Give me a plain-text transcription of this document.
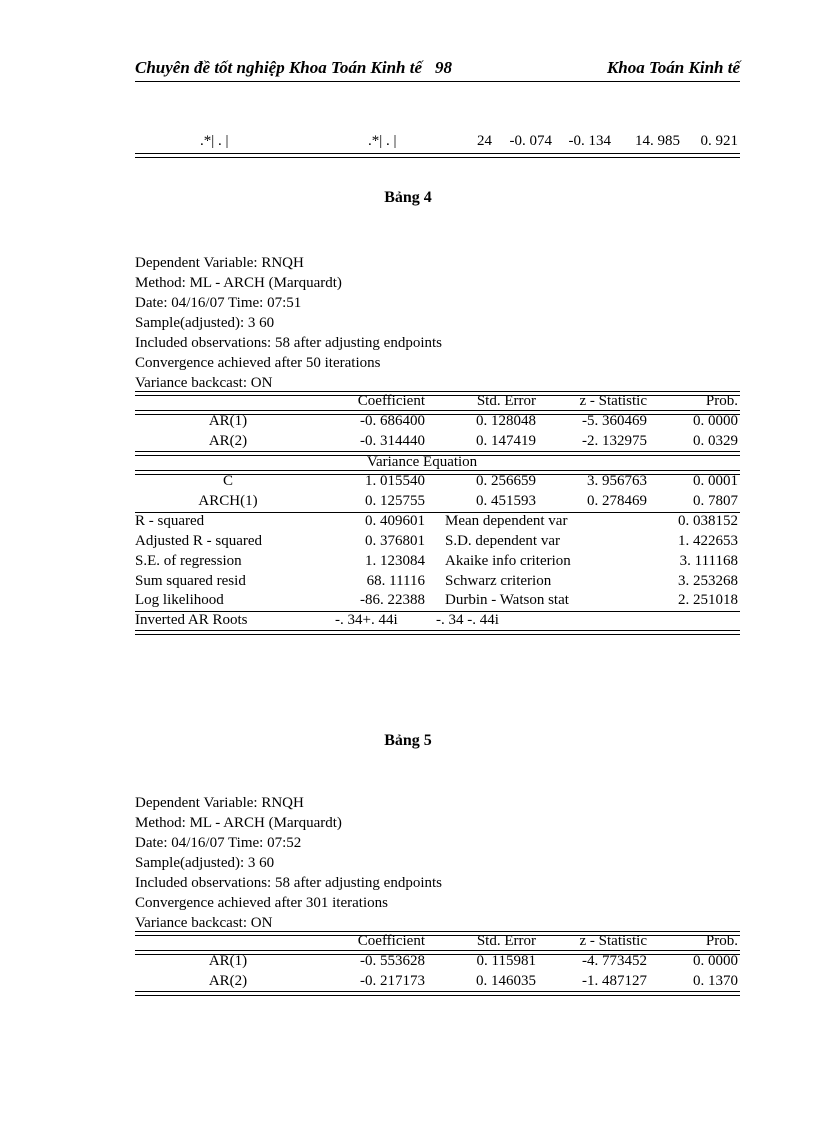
Chuyên đề tốt nghiệp Khoa Toán Kinh tế 98	Khoa Toán Kinh tế
.*| . |	.*| . |	24 -0. 074 -0. 134 14. 985 0. 921
Bảng 4
Dependent Variable: RNQH
Method: ML - ARCH (Marquardt)
Date: 04/16/07 Time: 07:51
Sample(adjusted): 3 60
Included observations: 58 after adjusting endpoints
Convergence achieved after 50 iterations
Variance backcast: ON
Coefficient	Std. Error	z - Statistic	Prob.
AR(1)	-0. 686400	0. 128048	-5. 360469	0. 0000
AR(2)	-0. 314440	0. 147419	-2. 132975	0. 0329
Variance Equation
C	1. 015540	0. 256659	3. 956763	0. 0001
ARCH(1)	0. 125755	0. 451593	0. 278469	0. 7807
R - squared	0. 409601 Mean dependent var	0. 038152
Adjusted R - squared	0. 376801 S.D. dependent var	1. 422653
S.E. of regression	1. 123084 Akaike info criterion	3. 111168
Sum squared resid	68. 11116 Schwarz criterion	3. 253268
Log likelihood	-86. 22388 Durbin - Watson stat	2. 251018
Inverted AR Roots	-. 34+. 44i	-. 34 -. 44i
Bảng 5
Dependent Variable: RNQH
Method: ML - ARCH (Marquardt)
Date: 04/16/07 Time: 07:52
Sample(adjusted): 3 60
Included observations: 58 after adjusting endpoints
Convergence achieved after 301 iterations
Variance backcast: ON
Coefficient	Std. Error	z - Statistic	Prob.
AR(1)	-0. 553628	0. 115981	-4. 773452	0. 0000
AR(2)	-0. 217173	0. 146035	-1. 487127	0. 1370
